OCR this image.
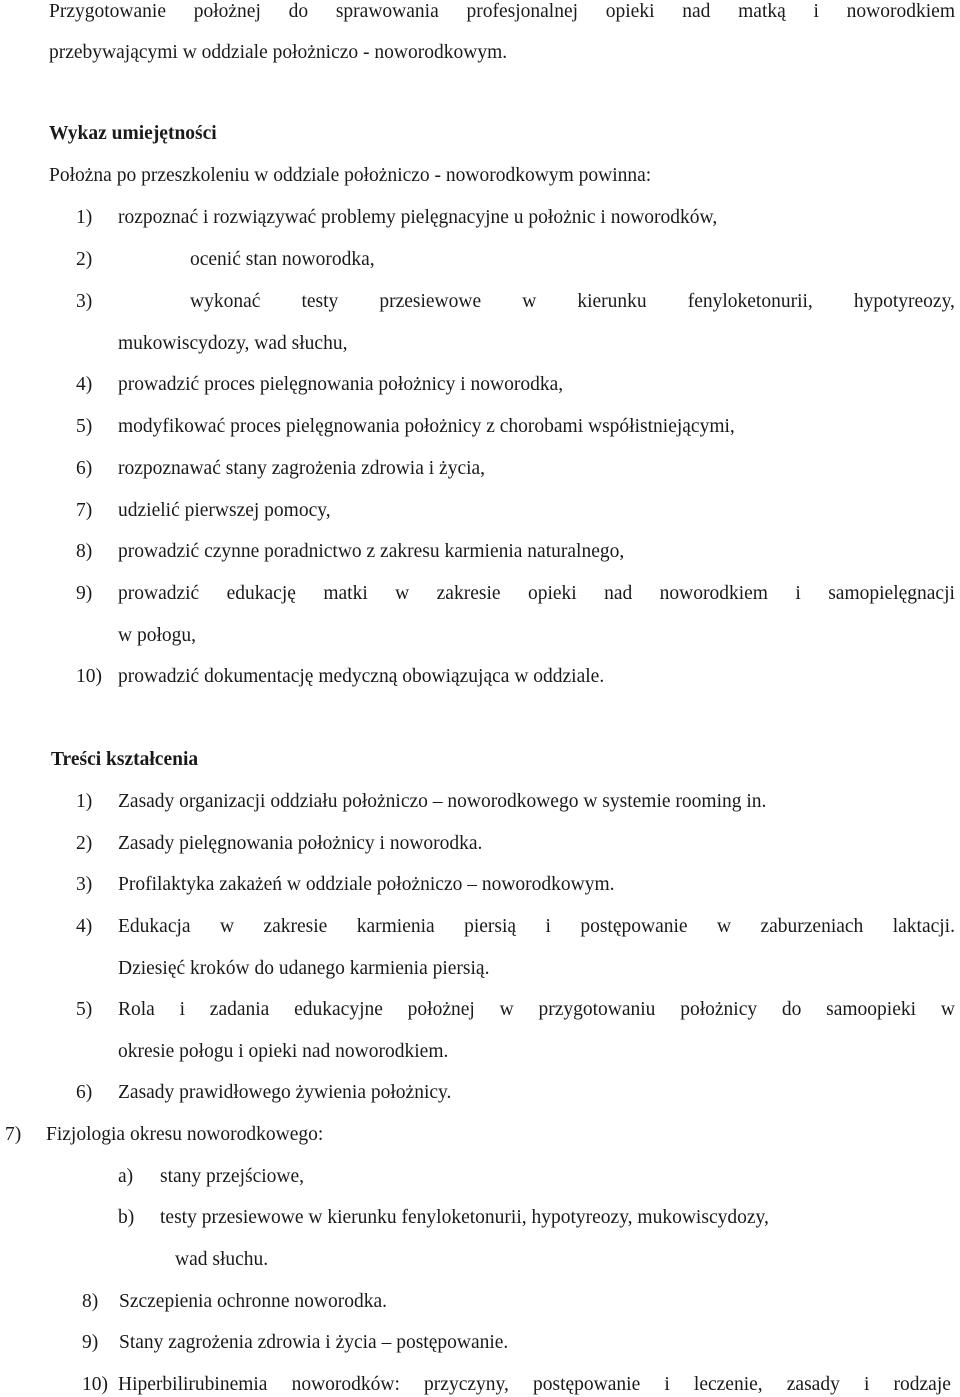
Przygotowanie położnej do sprawowania profesjonalnej opieki nad matką i noworodkiem
przebywającymi w oddziale położniczo - noworodkowym.
Wykaz umiejętności
Położna po przeszkoleniu w oddziale położniczo - noworodkowym powinna:
1) rozpoznać i rozwiązywać problemy pielęgnacyjne u położnic i noworodków,
2)	ocenić stan noworodka,
3)	wykonać testy przesiewowe w kierunku fenyloketonurii, hypotyreozy,
mukowiscydozy, wad słuchu,
4) prowadzić proces pielęgnowania położnicy i noworodka,
5) modyfikować proces pielęgnowania położnicy z chorobami współistniejącymi,
6) rozpoznawać stany zagrożenia zdrowia i życia,
7) udzielić pierwszej pomocy,
8) prowadzić czynne poradnictwo z zakresu karmienia naturalnego,
9) prowadzić edukację matki w zakresie opieki nad noworodkiem i samopielęgnacji
w połogu,
10) prowadzić dokumentację medyczną obowiązująca w oddziale.
Treści kształcenia
1) Zasady organizacji oddziału położniczo – noworodkowego w systemie rooming in.
2) Zasady pielęgnowania położnicy i noworodka.
3) Profilaktyka zakażeń w oddziale położniczo – noworodkowym.
4) Edukacja w zakresie karmienia piersią i postępowanie w zaburzeniach laktacji.
Dziesięć kroków do udanego karmienia piersią.
5) Rola i zadania edukacyjne położnej w przygotowaniu położnicy do samoopieki w
okresie połogu i opieki nad noworodkiem.
6) Zasady prawidłowego żywienia położnicy.
7) Fizjologia okresu noworodkowego:
a) stany przejściowe,
b) testy przesiewowe w kierunku fenyloketonurii, hypotyreozy, mukowiscydozy,
wad słuchu.
8) Szczepienia ochronne noworodka.
9) Stany zagrożenia zdrowia i życia – postępowanie.
10) Hiperbilirubinemia noworodków: przyczyny, postępowanie i leczenie, zasady i rodzaje
